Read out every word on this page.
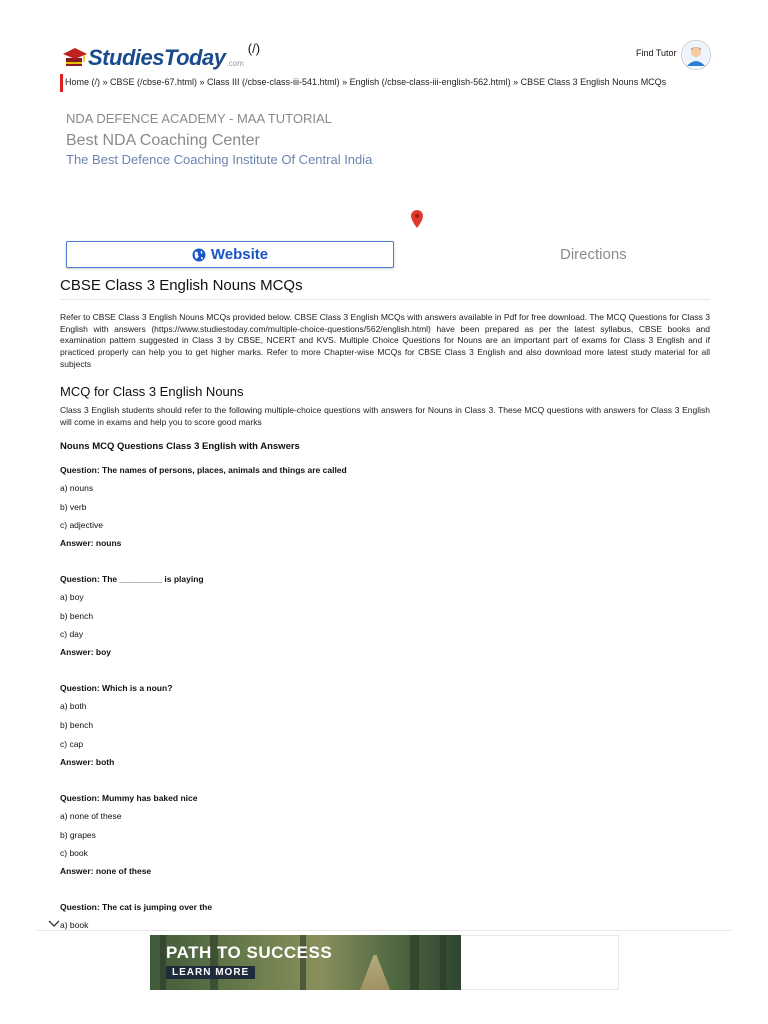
StudiesToday .com
(/)	Find Tutor
Home (/) » CBSE (/cbse-67.html) » Class III (/cbse-class-iii-541.html) » English (/cbse-class-iii-english-562.html) » CBSE Class 3 English Nouns MCQs
NDA DEFENCE ACADEMY - MAA TUTORIAL
Best NDA Coaching Center
The Best Defence Coaching Institute Of Central India
Website	Directions
CBSE Class 3 English Nouns MCQs
Refer to CBSE Class 3 English Nouns MCQs provided below. CBSE Class 3 English MCQs with answers available in Pdf for free download. The MCQ Questions for Class 3 English with answers (https://www.studiestoday.com/multiple-choice-questions/562/english.html) have been prepared as per the latest syllabus, CBSE books and examination pattern suggested in Class 3 by CBSE, NCERT and KVS. Multiple Choice Questions for Nouns are an important part of exams for Class 3 English and if practiced properly can help you to get higher marks. Refer to more Chapter-wise MCQs for CBSE Class 3 English and also download more latest study material for all subjects
MCQ for Class 3 English Nouns
Class 3 English students should refer to the following multiple-choice questions with answers for Nouns in Class 3. These MCQ questions with answers for Class 3 English will come in exams and help you to score good marks
Nouns MCQ Questions Class 3 English with Answers
Question: The names of persons, places, animals and things are called
a) nouns
b) verb
c) adjective
Answer: nouns
Question: The _________ is playing
a) boy
b) bench
c) day
Answer: boy
Question: Which is a noun?
a) both
b) bench
c) cap
Answer: both
Question: Mummy has baked nice
a) none of these
b) grapes
c) book
Answer: none of these
Question: The cat is jumping over the
a) book
PATH TO SUCCESS
LEARN MORE
